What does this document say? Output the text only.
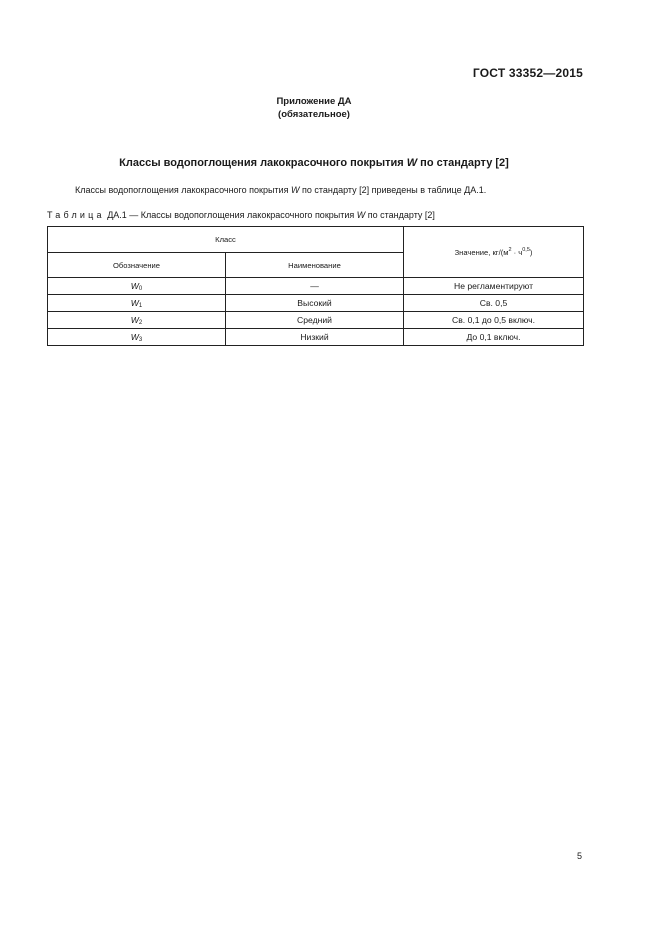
ГОСТ 33352—2015
Приложение ДА
(обязательное)
Классы водопоглощения лакокрасочного покрытия W по стандарту [2]
Классы водопоглощения лакокрасочного покрытия W по стандарту [2] приведены в таблице ДА.1.
Таблица ДА.1 — Классы водопоглощения лакокрасочного покрытия W по стандарту [2]
Класс		Значение, $кг/(м^2 \cdot ч^{0,5})$
Обозначение	Наименование	
$W_0$	—	Не регламентируют
$W_1$	Высокий	Св. 0,5
$W_2$	Средний	Св. 0,1 до 0,5 включ.
$W_3$	Низкий	До 0,1 включ.
5
